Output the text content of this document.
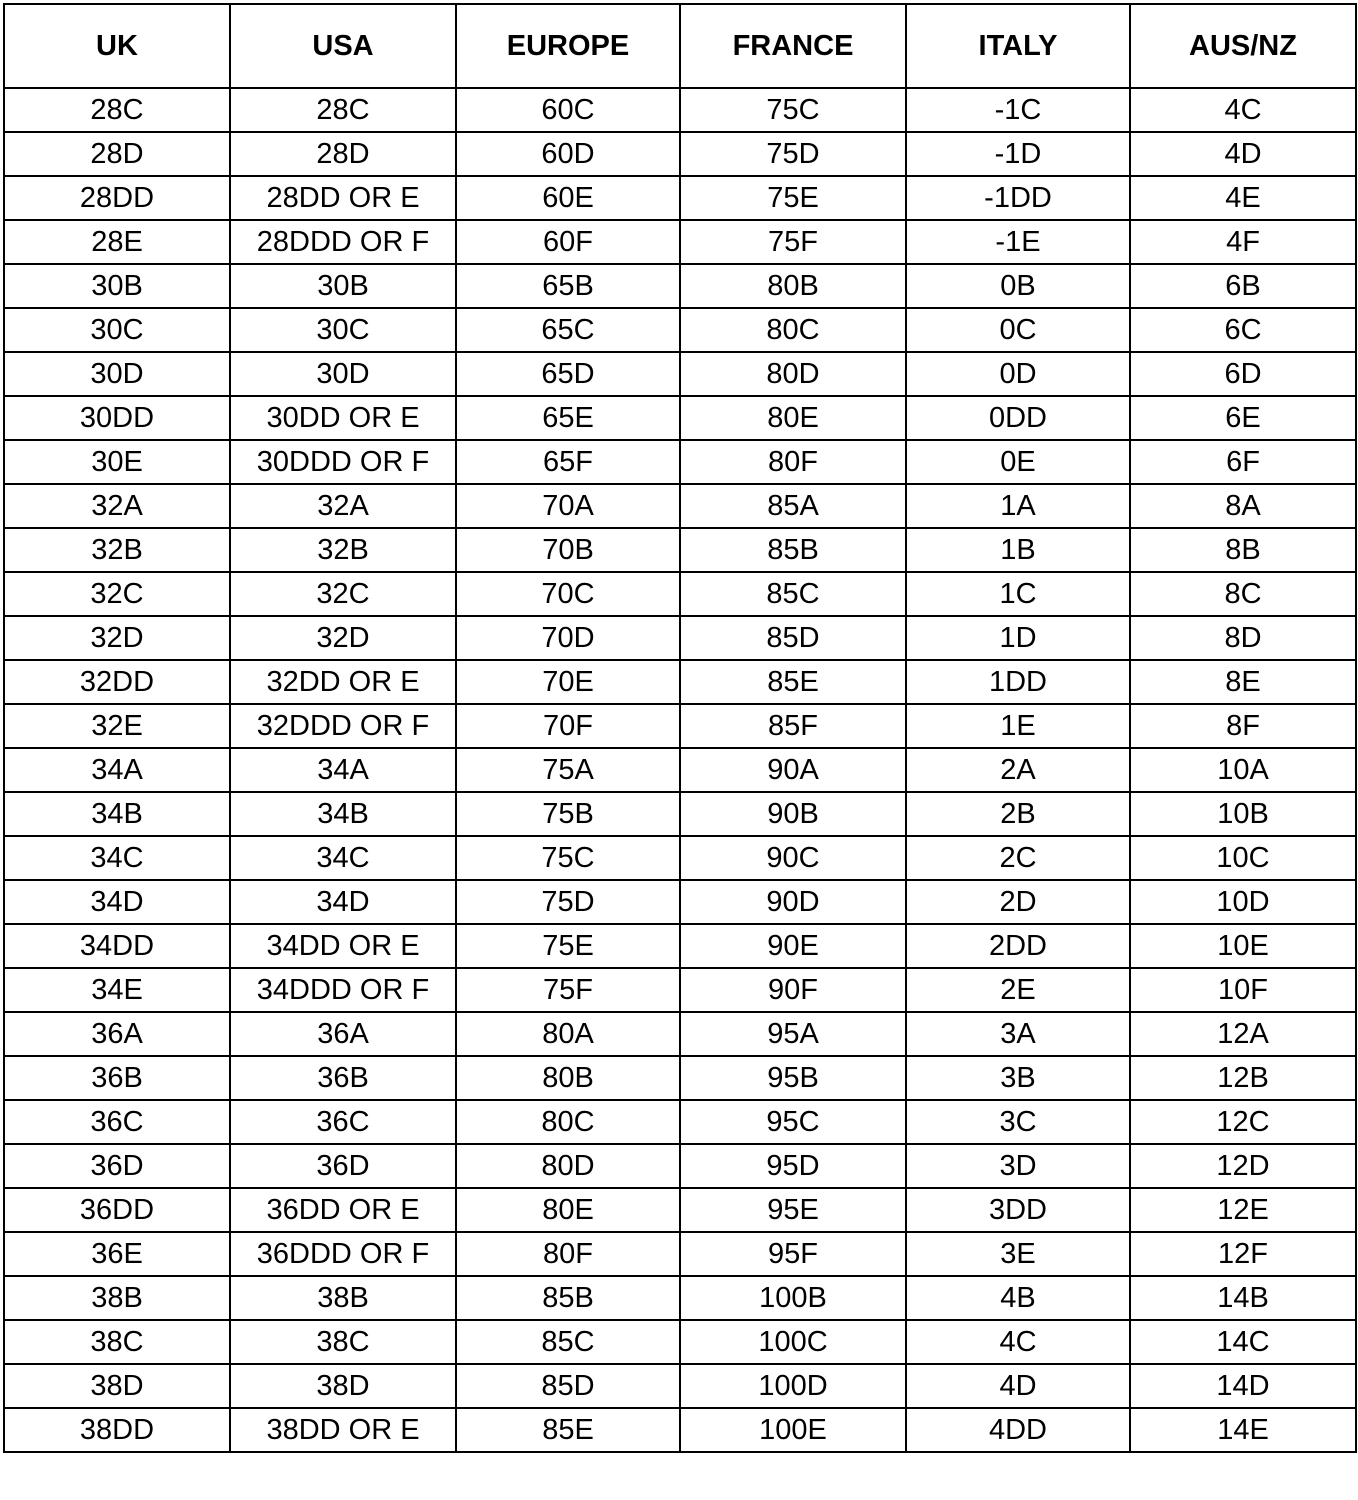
UK	USA	EUROPE	FRANCE	ITALY	AUS/NZ
28C	28C	60C	75C	-1C	4C
28D	28D	60D	75D	-1D	4D
28DD	28DD OR E	60E	75E	-1DD	4E
28E	28DDD OR F	60F	75F	-1E	4F
30B	30B	65B	80B	0B	6B
30C	30C	65C	80C	0C	6C
30D	30D	65D	80D	0D	6D
30DD	30DD OR E	65E	80E	0DD	6E
30E	30DDD OR F	65F	80F	0E	6F
32A	32A	70A	85A	1A	8A
32B	32B	70B	85B	1B	8B
32C	32C	70C	85C	1C	8C
32D	32D	70D	85D	1D	8D
32DD	32DD OR E	70E	85E	1DD	8E
32E	32DDD OR F	70F	85F	1E	8F
34A	34A	75A	90A	2A	10A
34B	34B	75B	90B	2B	10B
34C	34C	75C	90C	2C	10C
34D	34D	75D	90D	2D	10D
34DD	34DD OR E	75E	90E	2DD	10E
34E	34DDD OR F	75F	90F	2E	10F
36A	36A	80A	95A	3A	12A
36B	36B	80B	95B	3B	12B
36C	36C	80C	95C	3C	12C
36D	36D	80D	95D	3D	12D
36DD	36DD OR E	80E	95E	3DD	12E
36E	36DDD OR F	80F	95F	3E	12F
38B	38B	85B	100B	4B	14B
38C	38C	85C	100C	4C	14C
38D	38D	85D	100D	4D	14D
38DD	38DD OR E	85E	100E	4DD	14E
